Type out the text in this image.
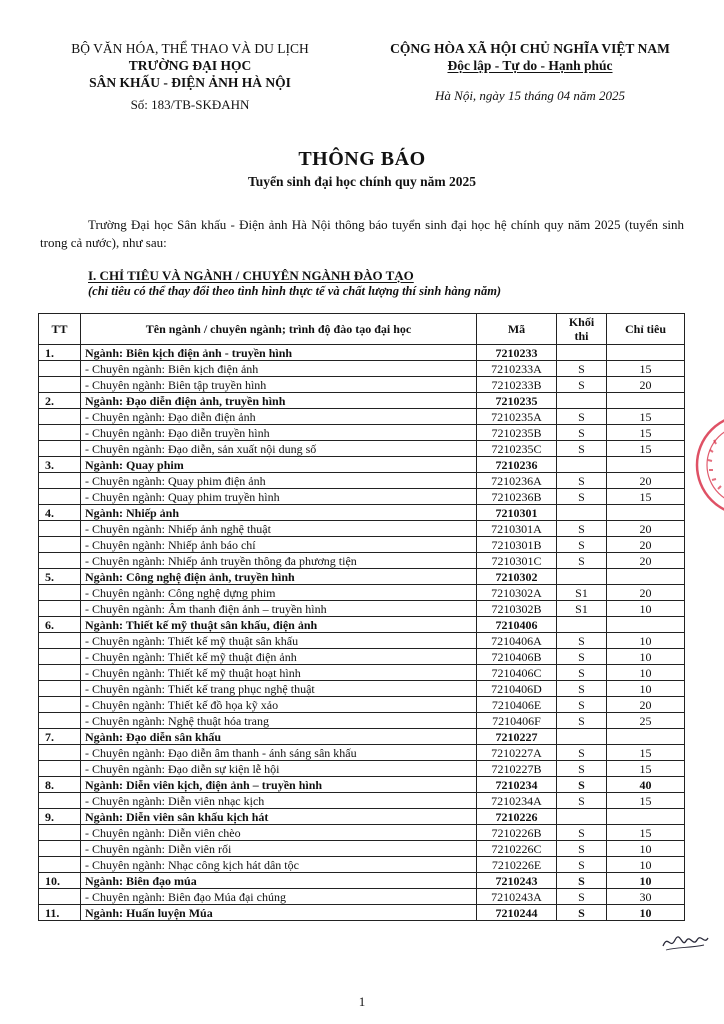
BỘ VĂN HÓA, THỂ THAO VÀ DU LỊCH
TRƯỜNG ĐẠI HỌC
SÂN KHẤU - ĐIỆN ẢNH HÀ NỘI
Số: 183/TB-SKĐAHN
CỘNG HÒA XÃ HỘI CHỦ NGHĨA VIỆT NAM
Độc lập - Tự do - Hạnh phúc
Hà Nội, ngày 15 tháng 04 năm 2025
THÔNG BÁO
Tuyển sinh đại học chính quy năm 2025
Trường Đại học Sân khấu - Điện ảnh Hà Nội thông báo tuyển sinh đại học hệ chính quy năm 2025 (tuyển sinh trong cả nước), như sau:
I. CHỈ TIÊU VÀ NGÀNH / CHUYÊN NGÀNH ĐÀO TẠO
(chỉ tiêu có thể thay đổi theo tình hình thực tế và chất lượng thí sinh hàng năm)
TT	Tên ngành / chuyên ngành; trình độ đào tạo đại học	Mã	Khối thi	Chỉ tiêu
1.	Ngành: Biên kịch điện ảnh - truyền hình	7210233		
	- Chuyên ngành: Biên kịch điện ảnh	7210233A	S	15
	- Chuyên ngành: Biên tập truyền hình	7210233B	S	20
2.	Ngành: Đạo diễn điện ảnh, truyền hình	7210235		
	- Chuyên ngành: Đạo diễn điện ảnh	7210235A	S	15
	- Chuyên ngành: Đạo diễn truyền hình	7210235B	S	15
	- Chuyên ngành: Đạo diễn, sản xuất nội dung số	7210235C	S	15
3.	Ngành: Quay phim	7210236		
	- Chuyên ngành: Quay phim điện ảnh	7210236A	S	20
	- Chuyên ngành: Quay phim truyền hình	7210236B	S	15
4.	Ngành: Nhiếp ảnh	7210301		
	- Chuyên ngành: Nhiếp ảnh nghệ thuật	7210301A	S	20
	- Chuyên ngành: Nhiếp ảnh báo chí	7210301B	S	20
	- Chuyên ngành: Nhiếp ảnh truyền thông đa phương tiện	7210301C	S	20
5.	Ngành: Công nghệ điện ảnh, truyền hình	7210302		
	- Chuyên ngành: Công nghệ dựng phim	7210302A	S1	20
	- Chuyên ngành: Âm thanh điện ảnh – truyền hình	7210302B	S1	10
6.	Ngành: Thiết kế mỹ thuật sân khấu, điện ảnh	7210406		
	- Chuyên ngành: Thiết kế mỹ thuật sân khấu	7210406A	S	10
	- Chuyên ngành: Thiết kế mỹ thuật điện ảnh	7210406B	S	10
	- Chuyên ngành: Thiết kế mỹ thuật hoạt hình	7210406C	S	10
	- Chuyên ngành: Thiết kế trang phục nghệ thuật	7210406D	S	10
	- Chuyên ngành: Thiết kế đồ họa kỹ xảo	7210406E	S	20
	- Chuyên ngành: Nghệ thuật hóa trang	7210406F	S	25
7.	Ngành: Đạo diễn sân khấu	7210227		
	- Chuyên ngành: Đạo diễn âm thanh - ánh sáng sân khấu	7210227A	S	15
	- Chuyên ngành: Đạo diễn sự kiện lễ hội	7210227B	S	15
8.	Ngành: Diễn viên kịch, điện ảnh – truyền hình	7210234	S	40
	- Chuyên ngành: Diễn viên nhạc kịch	7210234A	S	15
9.	Ngành: Diễn viên sân khấu kịch hát	7210226		
	- Chuyên ngành: Diễn viên chèo	7210226B	S	15
	- Chuyên ngành: Diễn viên rối	7210226C	S	10
	- Chuyên ngành: Nhạc công kịch hát dân tộc	7210226E	S	10
10.	Ngành: Biên đạo múa	7210243	S	10
	- Chuyên ngành: Biên đạo Múa đại chúng	7210243A	S	30
11.	Ngành: Huấn luyện Múa	7210244	S	10
1
